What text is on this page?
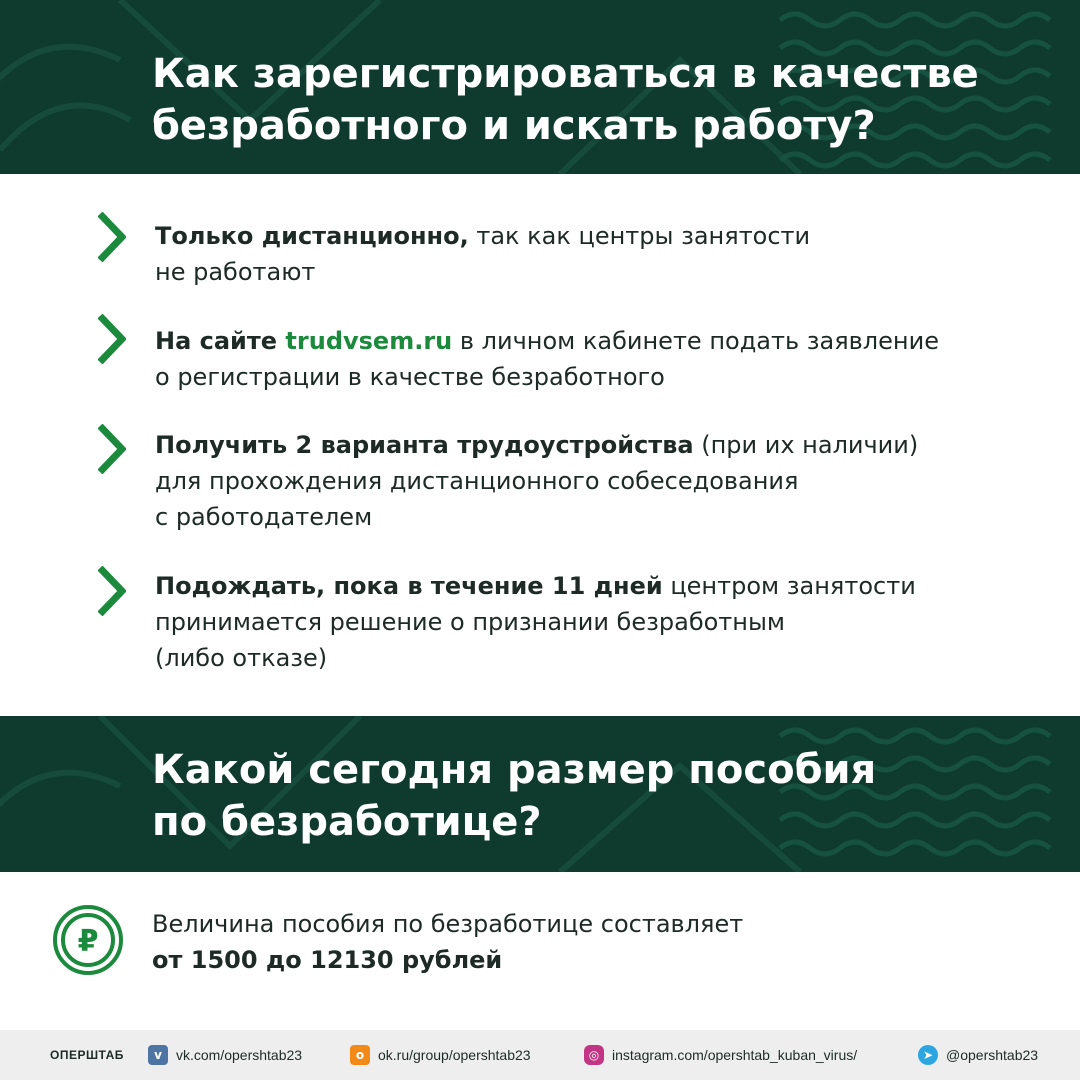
Как зарегистрироваться в качестве
безработного и искать работу?
Только дистанционно, так как центры занятости
не работают
На сайте trudvsem.ru в личном кабинете подать заявление
о регистрации в качестве безработного
Получить 2 варианта трудоустройства (при их наличии)
для прохождения дистанционного собеседования
с работодателем
Подождать, пока в течение 11 дней центром занятости
принимается решение о признании безработным
(либо отказе)
Какой сегодня размер пособия
по безработице?
₽ Величина пособия по безработице составляет
от 1500 до 12130 рублей
ОПЕРШТАБ	v	vk.com/opershtab23	o ok.ru/group/opershtab23	◎ instagram.com/opershtab_kuban_virus/	➤ @opershtab23
